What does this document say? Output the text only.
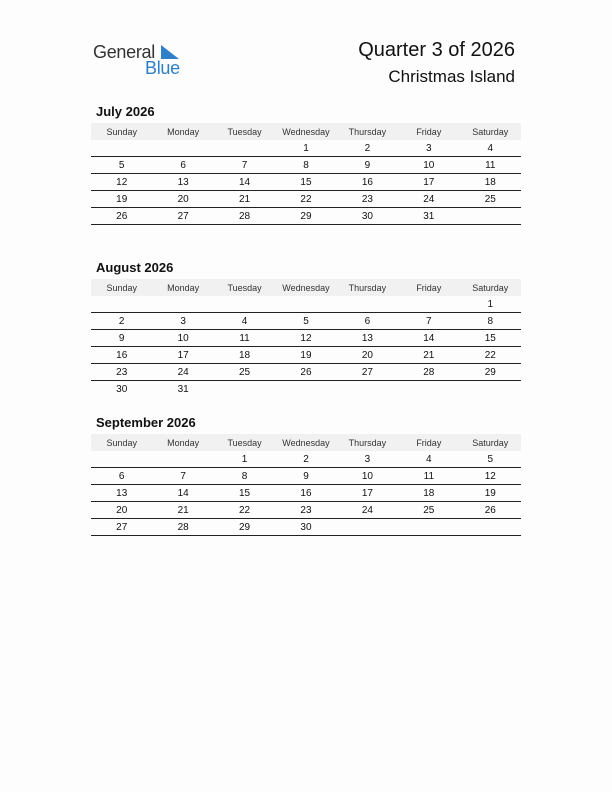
General
Blue
Quarter 3 of 2026
Christmas Island
July 2026
Sunday	Monday	Tuesday	Wednesday	Thursday	Friday	Saturday
			1	2	3	4
5	6	7	8	9	10	11
12	13	14	15	16	17	18
19	20	21	22	23	24	25
26	27	28	29	30	31	
August 2026
Sunday	Monday	Tuesday	Wednesday	Thursday	Friday	Saturday
						1
2	3	4	5	6	7	8
9	10	11	12	13	14	15
16	17	18	19	20	21	22
23	24	25	26	27	28	29
30	31					
September 2026
Sunday	Monday	Tuesday	Wednesday	Thursday	Friday	Saturday
		1	2	3	4	5
6	7	8	9	10	11	12
13	14	15	16	17	18	19
20	21	22	23	24	25	26
27	28	29	30			
